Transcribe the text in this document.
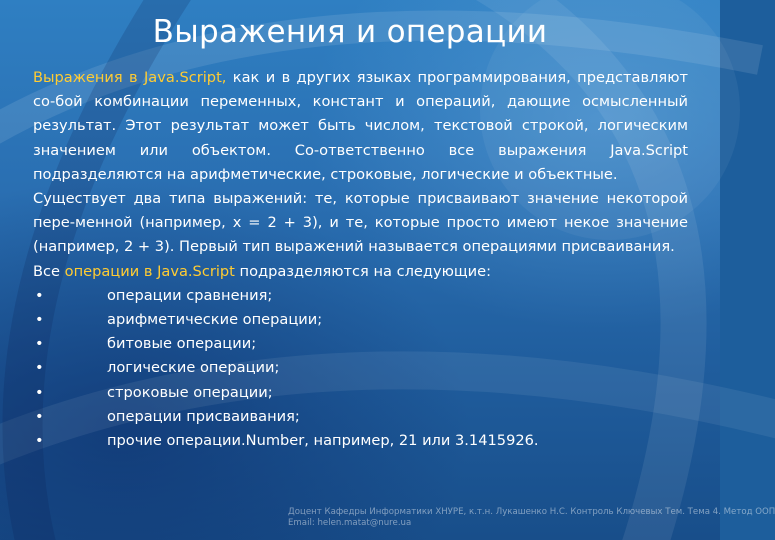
Выражения и операции

Выражения в Java.Script, как и в других языках программирования, представляют со-бой комбинации переменных, констант и операций, дающие осмысленный результат. Этот результат может быть числом, текстовой строкой, логическим значением или объектом. Со-ответственно все выражения Java.Script подразделяются на арифметические, строковые, логические и объектные.

Существует два типа выражений: те, которые присваивают значение некоторой пере-менной (например, x = 2 + 3), и те, которые просто имеют некое значение (например, 2 + 3). Первый тип выражений называется операциями присваивания.

Все операции в Java.Script подразделяются на следующие:

•	операции сравнения;
•	арифметические операции;
•	битовые операции;
•	логические операции;
•	строковые операции;
•	операции присваивания;
•	прочие операции.Number, например, 21 или 3.1415926.
Доцент Кафедры Информатики ХНУРЕ, к.т.н. Лукашенко Н.С. Контроль Ключевых Тем. Тема 4. Метод ООП
Email: helen.matat@nure.ua
